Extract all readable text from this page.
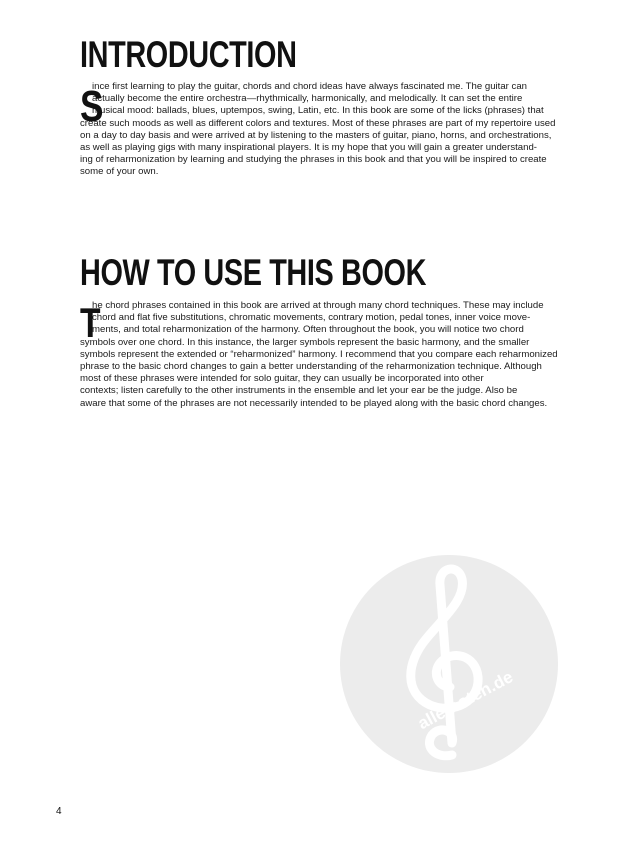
INTRODUCTION
S
ince first learning to play the guitar, chords and chord ideas have always fascinated me. The guitar can
actually become the entire orchestra—rhythmically, harmonically, and melodically. It can set the entire
musical mood: ballads, blues, uptempos, swing, Latin, etc. In this book are some of the licks (phrases) that
create such moods as well as different colors and textures. Most of these phrases are part of my repertoire used
on a day to day basis and were arrived at by listening to the masters of guitar, piano, horns, and orchestrations,
as well as playing gigs with many inspirational players. It is my hope that you will gain a greater understand-
ing of reharmonization by learning and studying the phrases in this book and that you will be inspired to create
some of your own.
HOW TO USE THIS BOOK
T
he chord phrases contained in this book are arrived at through many chord techniques. These may include
chord and flat five substitutions, chromatic movements, contrary motion, pedal tones, inner voice move-
ments, and total reharmonization of the harmony. Often throughout the book, you will notice two chord
symbols over one chord. In this instance, the larger symbols represent the basic harmony, and the smaller
symbols represent the extended or “reharmonized” harmony. I recommend that you compare each reharmonized
phrase to the basic chord changes to gain a better understanding of the reharmonization technique. Although
most of these phrases were intended for solo guitar, they can usually be incorporated into other
contexts; listen carefully to the other instruments in the ensemble and let your ear be the judge. Also be
aware that some of the phrases are not necessarily intended to be played along with the basic chord changes.
alle-noten.de
4
